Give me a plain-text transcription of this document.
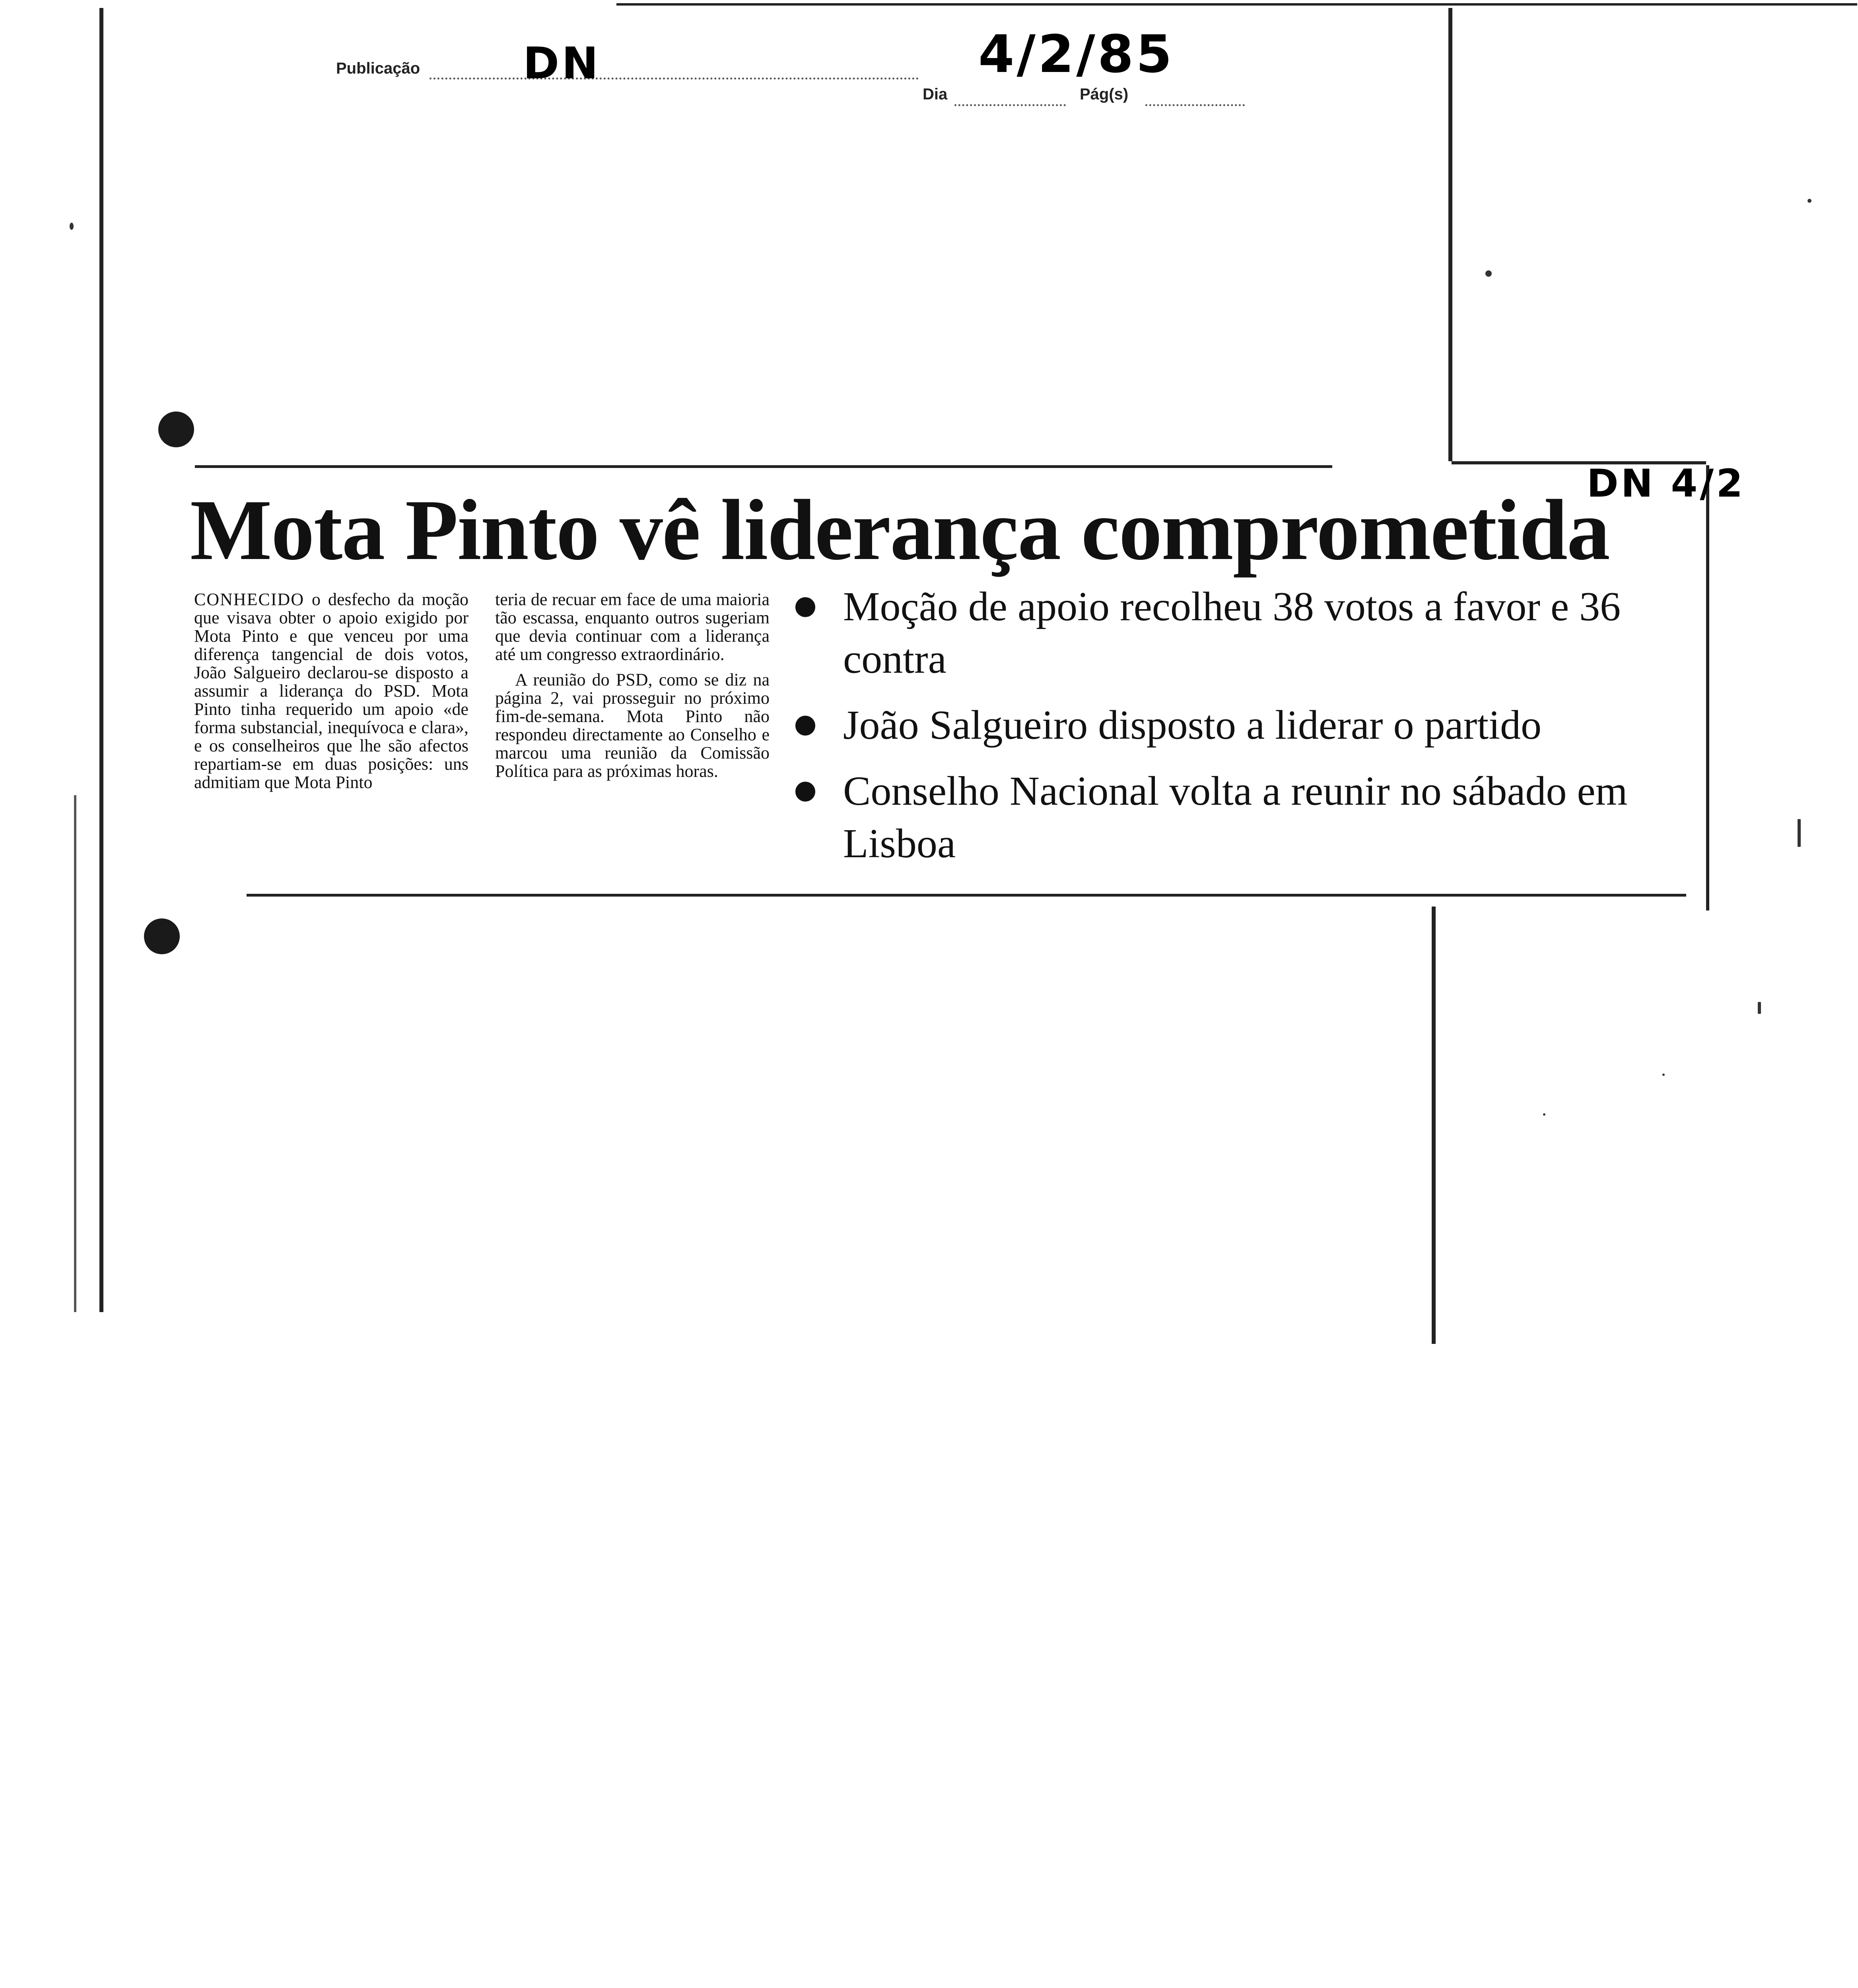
Publicação DN
Dia
4/2/85
Pág(s)
DN 4/2
Mota Pinto vê liderança comprometida

CONHECIDO o desfecho da moção que visava obter o apoio exigido por Mota Pinto e que venceu por uma diferença tangencial de dois votos, João Salgueiro declarou-se disposto a assumir a liderança do PSD. Mota Pinto tinha requerido um apoio «de forma substancial, inequívoca e clara», e os conselheiros que lhe são afectos repartiam-se em duas posições: uns admitiam que Mota Pinto

teria de recuar em face de uma maioria tão escassa, enquanto outros sugeriam que devia continuar com a liderança até um congresso extraordinário.

A reunião do PSD, como se diz na página 2, vai prosseguir no próximo fim-de-semana. Mota Pinto não respondeu directamente ao Conselho e marcou uma reunião da Comissão Política para as próximas horas.

Moção de apoio recolheu 38 votos a favor e 36 contra
João Salgueiro disposto a liderar o partido
Conselho Nacional volta a reunir no sábado em Lisboa
